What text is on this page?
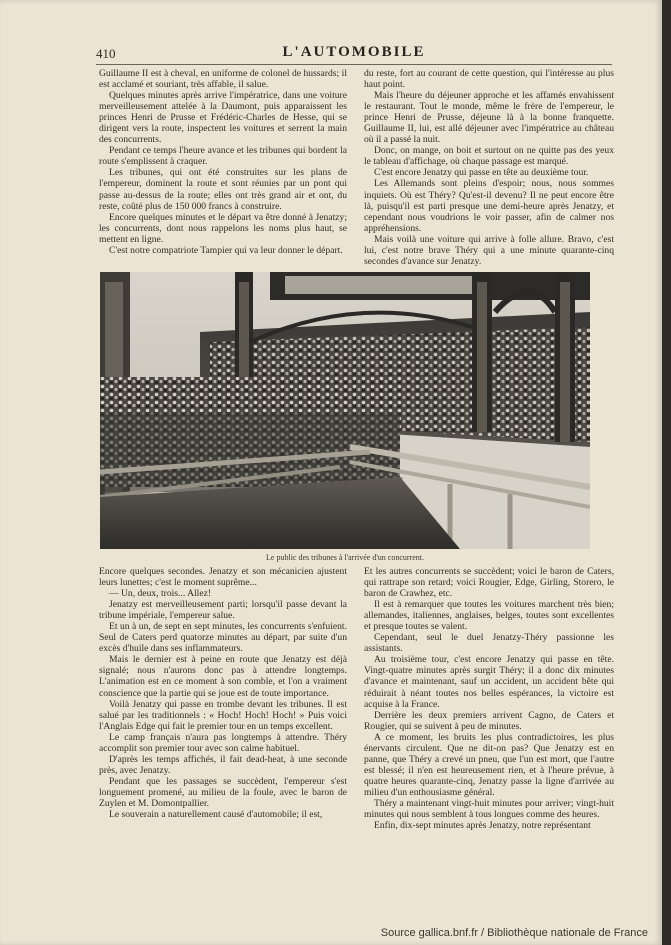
410	L'AUTOMOBILE

Guillaume II est à cheval, en uniforme de colonel de hussards; il est acclamé et souriant, très affable, il salue.

Quelques minutes après arrive l'impératrice, dans une voiture merveilleusement attelée à la Daumont, puis apparaissent les princes Henri de Prusse et Frédéric-Charles de Hesse, qui se dirigent vers la route, inspectent les voitures et serrent la main des concurrents.

Pendant ce temps l'heure avance et les tribunes qui bordent la route s'emplissent à craquer.

Les tribunes, qui ont été construites sur les plans de l'empereur, dominent la route et sont réunies par un pont qui passe au-dessus de la route; elles ont très grand air et ont, du reste, coûté plus de 150 000 francs à construire.

Encore quelques minutes et le départ va être donné à Jenatzy; les concurrents, dont nous rappelons les noms plus haut, se mettent en ligne.

C'est notre compatriote Tampier qui va leur donner le départ.

du reste, fort au courant de cette question, qui l'intéresse au plus haut point.

Mais l'heure du déjeuner approche et les affamés envahissent le restaurant. Tout le monde, même le frère de l'empereur, le prince Henri de Prusse, déjeune là à la bonne franquette. Guillaume II, lui, est allé déjeuner avec l'impératrice au château où il a passé la nuit.

Donc, on mange, on boit et surtout on ne quitte pas des yeux le tableau d'affichage, où chaque passage est marqué.

C'est encore Jenatzy qui passe en tête au deuxième tour.

Les Allemands sont pleins d'espoir; nous, nous sommes inquiets. Où est Théry? Qu'est-il devenu? Il ne peut encore être là, puisqu'il est parti presque une demi-heure après Jenatzy, et cependant nous voudrions le voir passer, afin de calmer nos appréhensions.

Mais voilà une voiture qui arrive à folle allure. Bravo, c'est lui, c'est notre brave Théry qui a une minute quarante-cinq secondes d'avance sur Jenatzy.

Le public des tribunes à l'arrivée d'un concurrent.

Encore quelques secondes. Jenatzy et son mécanicien ajustent leurs lunettes; c'est le moment suprême...

— Un, deux, trois... Allez!

Jenatzy est merveilleusement parti; lorsqu'il passe devant la tribune impériale, l'empereur salue.

Et un à un, de sept en sept minutes, les concurrents s'enfuient. Seul de Caters perd quatorze minutes au départ, par suite d'un excès d'huile dans ses inflammateurs.

Mais le dernier est à peine en route que Jenatzy est déjà signalé; nous n'aurons donc pas à attendre longtemps. L'animation est en ce moment à son comble, et l'on a vraiment conscience que la partie qui se joue est de toute importance.

Voilà Jenatzy qui passe en trombe devant les tribunes. Il est salué par les traditionnels : « Hoch! Hoch! Hoch! » Puis voici l'Anglais Edge qui fait le premier tour en un temps excellent.

Le camp français n'aura pas longtemps à attendre. Théry accomplit son premier tour avec son calme habituel.

D'après les temps affichés, il fait dead-heat, à une seconde près, avec Jenatzy.

Pendant que les passages se succèdent, l'empereur s'est longuement promené, au milieu de la foule, avec le baron de Zuylen et M. Domontpallier.

Le souverain a naturellement causé d'automobile; il est,

Et les autres concurrents se succèdent; voici le baron de Caters, qui rattrape son retard; voici Rougier, Edge, Girling, Storero, le baron de Crawhez, etc.

Il est à remarquer que toutes les voitures marchent très bien; allemandes, italiennes, anglaises, belges, toutes sont excellentes et presque toutes se valent.

Cependant, seul le duel Jenatzy-Théry passionne les assistants.

Au troisième tour, c'est encore Jenatzy qui passe en tête. Vingt-quatre minutes après surgit Théry; il a donc dix minutes d'avance et maintenant, sauf un accident, un accident bête qui réduirait à néant toutes nos belles espérances, la victoire est acquise à la France.

Derrière les deux premiers arrivent Cagno, de Caters et Rougier, qui se suivent à peu de minutes.

A ce moment, les bruits les plus contradictoires, les plus énervants circulent. Que ne dit-on pas? Que Jenatzy est en panne, que Théry a crevé un pneu, que l'un est mort, que l'autre est blessé; il n'en est heureusement rien, et à l'heure prévue, à quatre heures quarante-cinq, Jenatzy passe la ligne d'arrivée au milieu d'un enthousiasme général.

Théry a maintenant vingt-huit minutes pour arriver; vingt-huit minutes qui nous semblent à tous longues comme des heures.

Enfin, dix-sept minutes après Jenatzy, notre représentant

Source gallica.bnf.fr / Bibliothèque nationale de France
